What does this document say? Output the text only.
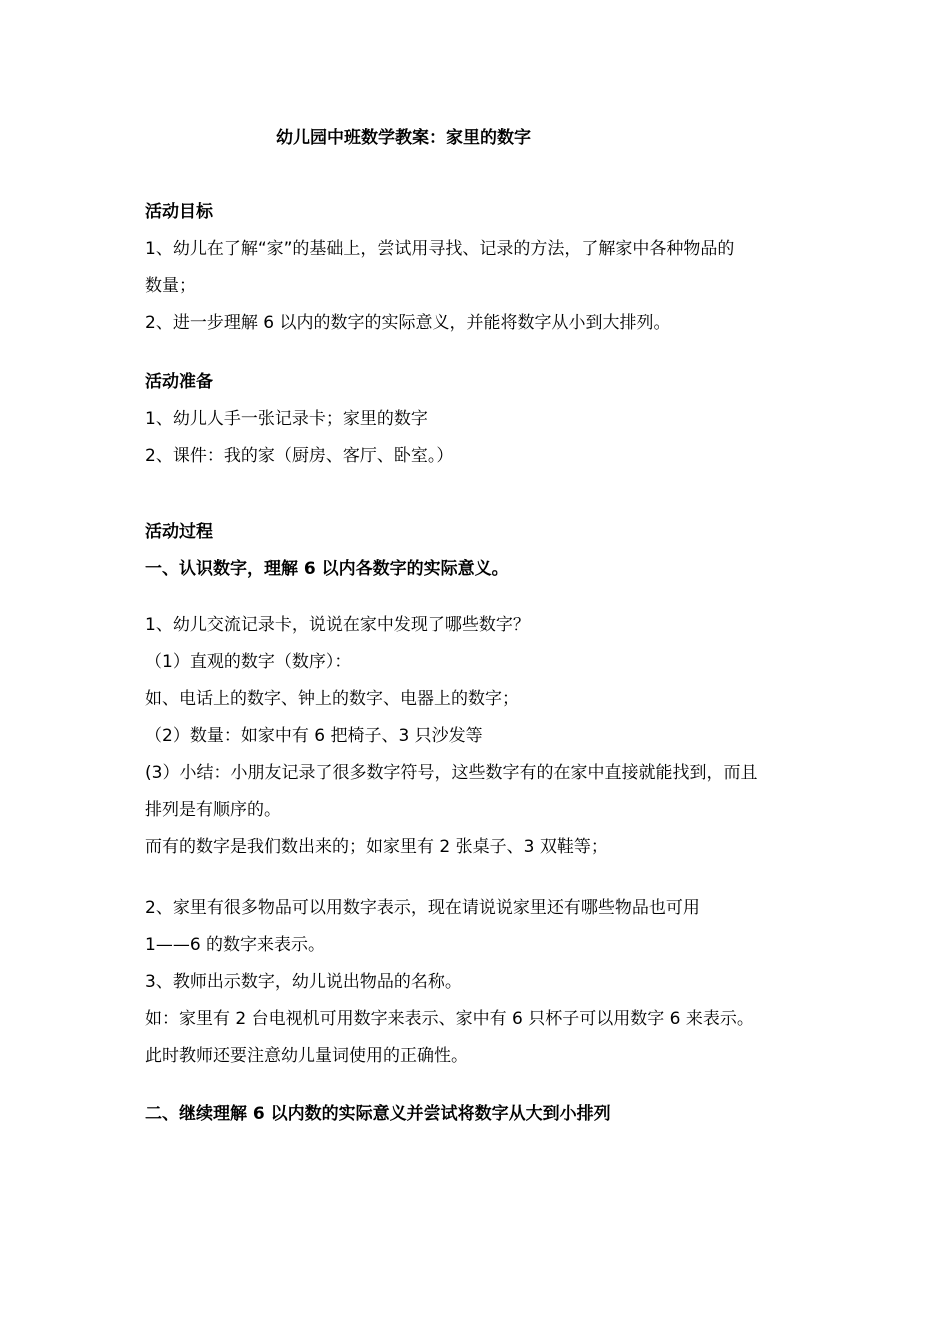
幼儿园中班数学教案：家里的数字
活动目标
1、幼儿在了解“家”的基础上，尝试用寻找、记录的方法，了解家中各种物品的
数量；
2、进一步理解 6 以内的数字的实际意义，并能将数字从小到大排列。
活动准备
1、幼儿人手一张记录卡；家里的数字
2、课件：我的家（厨房、客厅、卧室。）
活动过程
一、认识数字，理解 6 以内各数字的实际意义。
1、幼儿交流记录卡，说说在家中发现了哪些数字？
（1）直观的数字（数序）：
如、电话上的数字、钟上的数字、电器上的数字；
（2）数量：如家中有 6 把椅子、3 只沙发等
(3）小结：小朋友记录了很多数字符号，这些数字有的在家中直接就能找到，而且
排列是有顺序的。
而有的数字是我们数出来的；如家里有 2 张桌子、3 双鞋等；
2、家里有很多物品可以用数字表示，现在请说说家里还有哪些物品也可用
1——6 的数字来表示。
3、教师出示数字，幼儿说出物品的名称。
如：家里有 2 台电视机可用数字来表示、家中有 6 只杯子可以用数字 6 来表示。
此时教师还要注意幼儿量词使用的正确性。
二、继续理解 6 以内数的实际意义并尝试将数字从大到小排列
